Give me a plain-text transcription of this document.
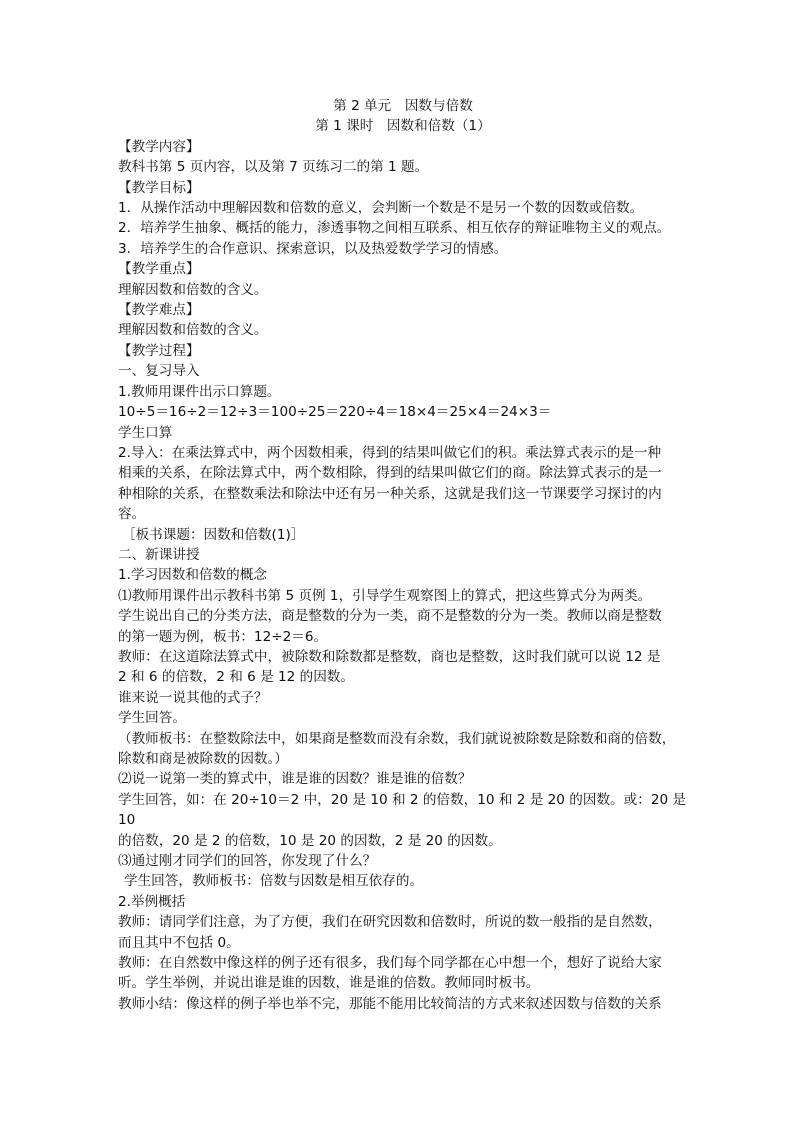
第 2 单元　因数与倍数
第 1 课时　因数和倍数（1）
【教学内容】
教科书第 5 页内容，以及第 7 页练习二的第 1 题。
【教学目标】
1．从操作活动中理解因数和倍数的意义，会判断一个数是不是另一个数的因数或倍数。
2．培养学生抽象、概括的能力，渗透事物之间相互联系、相互依存的辩证唯物主义的观点。
3．培养学生的合作意识、探索意识，以及热爱数学学习的情感。
【教学重点】
理解因数和倍数的含义。
【教学难点】
理解因数和倍数的含义。
【教学过程】
一、复习导入
1.教师用课件出示口算题。
10÷5＝16÷2＝12÷3＝100÷25＝220÷4＝18×4＝25×4＝24×3＝
学生口算
2.导入：在乘法算式中，两个因数相乘，得到的结果叫做它们的积。乘法算式表示的是一种
相乘的关系，在除法算式中，两个数相除，得到的结果叫做它们的商。除法算式表示的是一
种相除的关系，在整数乘法和除法中还有另一种关系，这就是我们这一节课要学习探讨的内
容。
［板书课题：因数和倍数(1)］
二、新课讲授
1.学习因数和倍数的概念
⑴教师用课件出示教科书第 5 页例 1，引导学生观察图上的算式，把这些算式分为两类。
学生说出自己的分类方法，商是整数的分为一类，商不是整数的分为一类。教师以商是整数
的第一题为例，板书：12÷2＝6。
教师：在这道除法算式中，被除数和除数都是整数，商也是整数，这时我们就可以说 12 是
2 和 6 的倍数，2 和 6 是 12 的因数。
谁来说一说其他的式子？
学生回答。
（教师板书：在整数除法中，如果商是整数而没有余数，我们就说被除数是除数和商的倍数，
除数和商是被除数的因数。）
⑵说一说第一类的算式中，谁是谁的因数？谁是谁的倍数？
学生回答，如：在 20÷10＝2 中，20 是 10 和 2 的倍数，10 和 2 是 20 的因数。或：20 是 10
的倍数，20 是 2 的倍数，10 是 20 的因数，2 是 20 的因数。
⑶通过刚才同学们的回答，你发现了什么？
学生回答，教师板书：倍数与因数是相互依存的。
2.举例概括
教师：请同学们注意，为了方便，我们在研究因数和倍数时，所说的数一般指的是自然数，
而且其中不包括 0。
教师：在自然数中像这样的例子还有很多，我们每个同学都在心中想一个，想好了说给大家
听。学生举例，并说出谁是谁的因数，谁是谁的倍数。教师同时板书。
教师小结：像这样的例子举也举不完，那能不能用比较简洁的方式来叙述因数与倍数的关系
